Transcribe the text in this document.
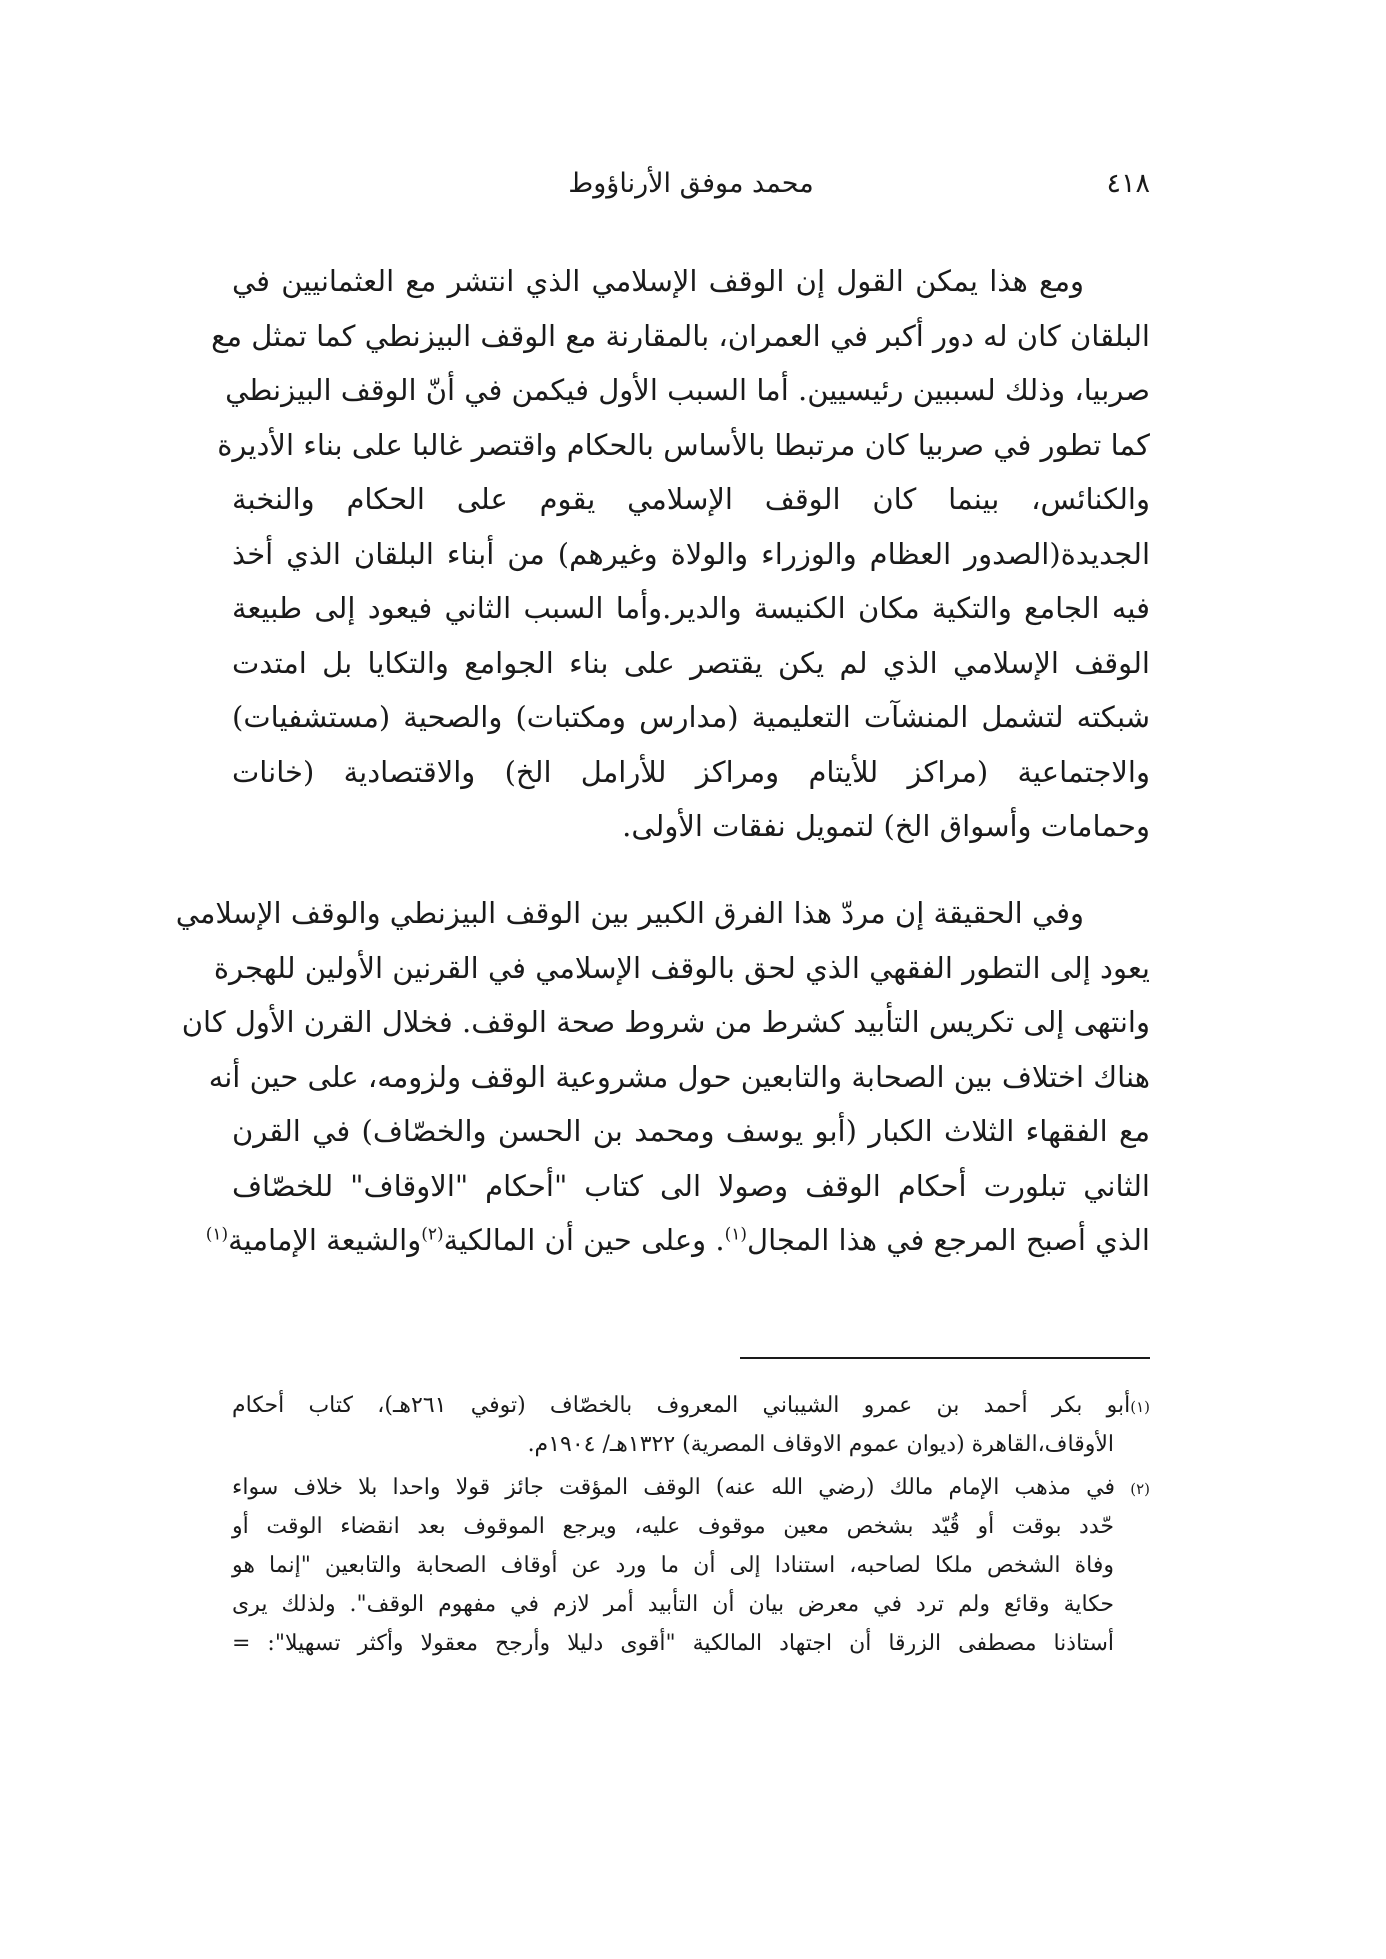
٤١٨
محمد موفق الأرناؤوط
ومع هذا يمكن القول إن الوقف الإسلامي الذي انتشر مع العثمانيين في
البلقان كان له دور أكبر في العمران، بالمقارنة مع الوقف البيزنطي كما تمثل مع
صربيا، وذلك لسببين رئيسيين. أما السبب الأول فيكمن في أنّ الوقف البيزنطي
كما تطور في صربيا كان مرتبطا بالأساس بالحكام واقتصر غالبا على بناء الأديرة
والكنائس، بينما كان الوقف الإسلامي يقوم على الحكام والنخبة
الجديدة(الصدور العظام والوزراء والولاة وغيرهم) من أبناء البلقان الذي أخذ
فيه الجامع والتكية مكان الكنيسة والدير.وأما السبب الثاني فيعود إلى طبيعة
الوقف الإسلامي الذي لم يكن يقتصر على بناء الجوامع والتكايا بل امتدت
شبكته لتشمل المنشآت التعليمية (مدارس ومكتبات) والصحية (مستشفيات)
والاجتماعية (مراكز للأيتام ومراكز للأرامل الخ) والاقتصادية (خانات
وحمامات وأسواق الخ) لتمويل نفقات الأولى.
وفي الحقيقة إن مردّ هذا الفرق الكبير بين الوقف البيزنطي والوقف الإسلامي
يعود إلى التطور الفقهي الذي لحق بالوقف الإسلامي في القرنين الأولين للهجرة
وانتهى إلى تكريس التأبيد كشرط من شروط صحة الوقف. فخلال القرن الأول كان
هناك اختلاف بين الصحابة والتابعين حول مشروعية الوقف ولزومه، على حين أنه
مع الفقهاء الثلاث الكبار (أبو يوسف ومحمد بن الحسن والخصّاف) في القرن
الثاني تبلورت أحكام الوقف وصولا الى كتاب "أحكام "الاوقاف" للخصّاف
الذي أصبح المرجع في هذا المجال$^{(١)}$. وعلى حين أن المالكية$^{(٢)}$والشيعة الإمامية$^{(١)}$
(١)أبو بكر أحمد بن عمرو الشيباني المعروف بالخصّاف (توفي ٢٦١هـ)، كتاب أحكام
الأوقاف،القاهرة (ديوان عموم الاوقاف المصرية) ١٣٢٢هـ/ ١٩٠٤م.
(٢) في مذهب الإمام مالك (رضي الله عنه) الوقف المؤقت جائز قولا واحدا بلا خلاف سواء
حّدد بوقت أو قُيّد بشخص معين موقوف عليه، ويرجع الموقوف بعد انقضاء الوقت أو
وفاة الشخص ملكا لصاحبه، استنادا إلى أن ما ورد عن أوقاف الصحابة والتابعين "إنما هو
حكاية وقائع ولم ترد في معرض بيان أن التأبيد أمر لازم في مفهوم الوقف". ولذلك يرى
أستاذنا مصطفى الزرقا أن اجتهاد المالكية "أقوى دليلا وأرجح معقولا وأكثر تسهيلا": =
